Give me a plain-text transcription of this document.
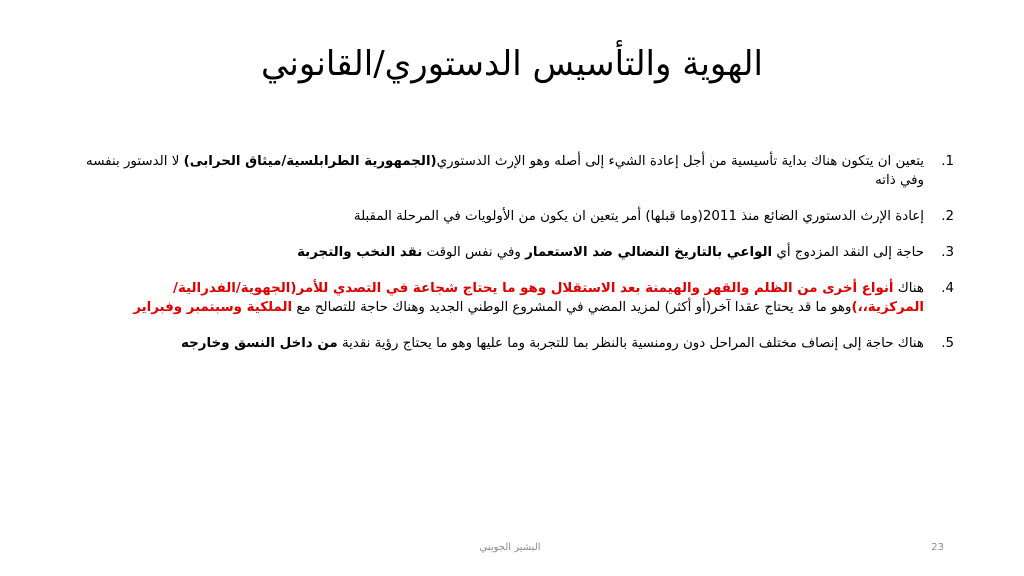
الهوية والتأسيس الدستوري/القانوني
1.
يتعين ان يتكون هناك بداية تأسيسية من أجل إعادة الشيء إلى أصله وهو الإرث الدستوري(الجمهورية الطرابلسية/ميثاق الحرابى) لا الدستور بنفسه وفي ذاته
2.
إعادة الإرث الدستوري الضائع منذ 2011(وما قبلها) أمر يتعين ان يكون من الأولويات في المرحلة المقبلة
3.
حاجة إلى النقد المزدوج أي الواعي بالتاريخ النضالي ضد الاستعمار وفي نفس الوقت نقد النخب والتجربة
4.
هناك أنواع أخرى من الظلم والقهر والهيمنة بعد الاستقلال وهو ما يحتاج شجاعة في التصدي للأمر(الجهوية/الفدرالية/المركزية،،)وهو ما قد يحتاج عقدا آخر(أو أكثر) لمزيد المضي في المشروع الوطني الجديد وهناك حاجة للتصالح مع الملكية وسبتمبر وفبراير
5.
هناك حاجة إلى إنصاف مختلف المراحل دون رومنسية بالنظر بما للتجربة وما عليها وهو ما يحتاج رؤية نقدية من داخل النسق وخارجه
البشير الجويني	23
